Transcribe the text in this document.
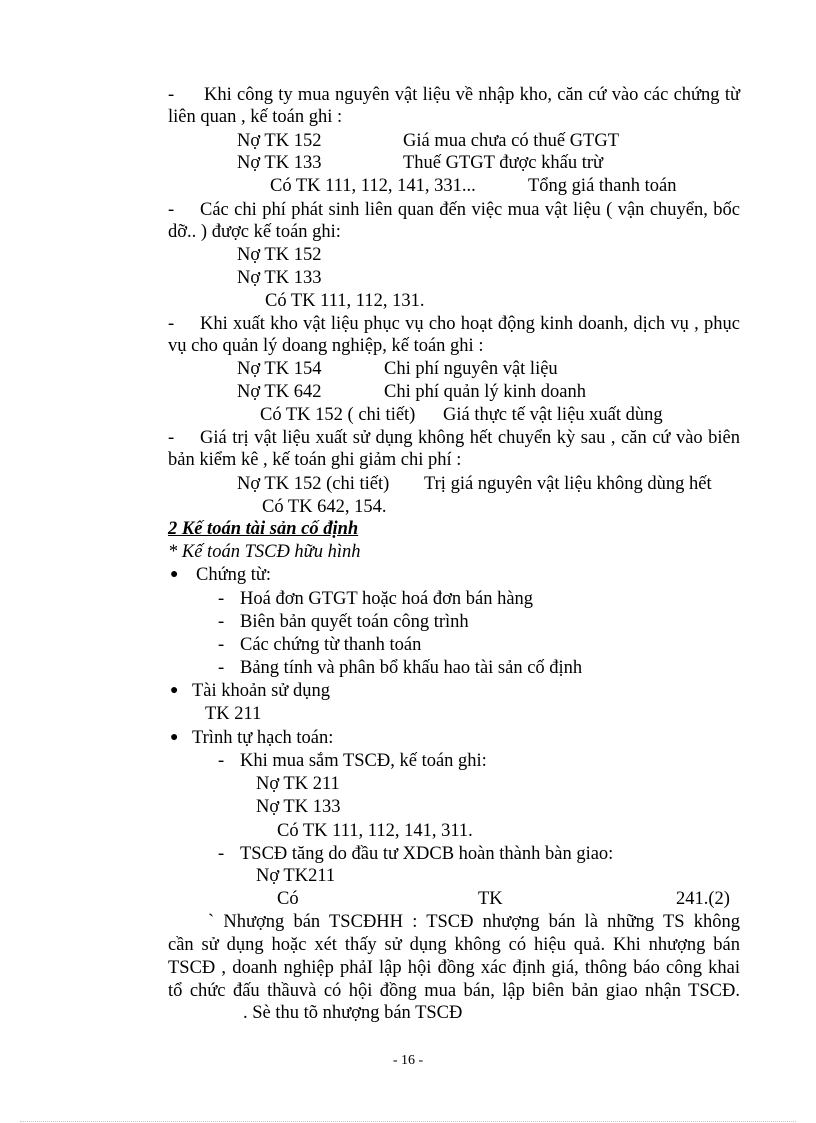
- Khi công ty mua nguyên vật liệu về nhập kho, căn cứ vào các chứng từ
liên quan , kế toán ghi :
Nợ TK 152	Giá mua chưa có thuế GTGT
Nợ TK 133	Thuế GTGT được khấu trừ
Có TK 111, 112, 141, 331...	Tổng giá thanh toán
- Các chi phí phát sinh liên quan đến việc mua vật liệu ( vận chuyển, bốc
dỡ.. ) được kế toán ghi:
Nợ TK 152
Nợ TK 133
Có TK 111, 112, 131.
- Khi xuất kho vật liệu phục vụ cho hoạt động kinh doanh, dịch vụ , phục
vụ cho quản lý doang nghiệp, kế toán ghi :
Nợ TK 154	Chi phí nguyên vật liệu
Nợ TK 642	Chi phí quản lý kinh doanh
Có TK 152 ( chi tiết) Giá thực tế vật liệu xuất dùng
- Giá trị vật liệu xuất sử dụng không hết chuyển kỳ sau , căn cứ vào biên
bản kiểm kê , kế toán ghi giảm chi phí :
Nợ TK 152 (chi tiết) Trị giá nguyên vật liệu không dùng hết
Có TK 642, 154.
2 Kế toán tài sản cố định
* Kế toán TSCĐ hữu hình
● Chứng từ:
- Hoá đơn GTGT hoặc hoá đơn bán hàng
- Biên bản quyết toán công trình
- Các chứng từ thanh toán
- Bảng tính và phân bổ khấu hao tài sản cố định
● Tài khoản sử dụng
TK 211
● Trình tự hạch toán:
- Khi mua sắm TSCĐ, kế toán ghi:
Nợ TK 211
Nợ TK 133
Có TK 111, 112, 141, 311.
- TSCĐ tăng do đầu tư XDCB hoàn thành bàn giao:
Nợ TK211
Có	TK	241.(2)
` Nhượng bán TSCĐHH : TSCĐ nhượng bán là những TS không
cần sử dụng hoặc xét thấy sử dụng không có hiệu quả. Khi nhượng bán
TSCĐ , doanh nghiệp phảI lập hội đồng xác định giá, thông báo công khai
tổ chức đấu thầuvà có hội đồng mua bán, lập biên bản giao nhận TSCĐ.
. Sè thu tõ nhượng bán TSCĐ
- 16 -
